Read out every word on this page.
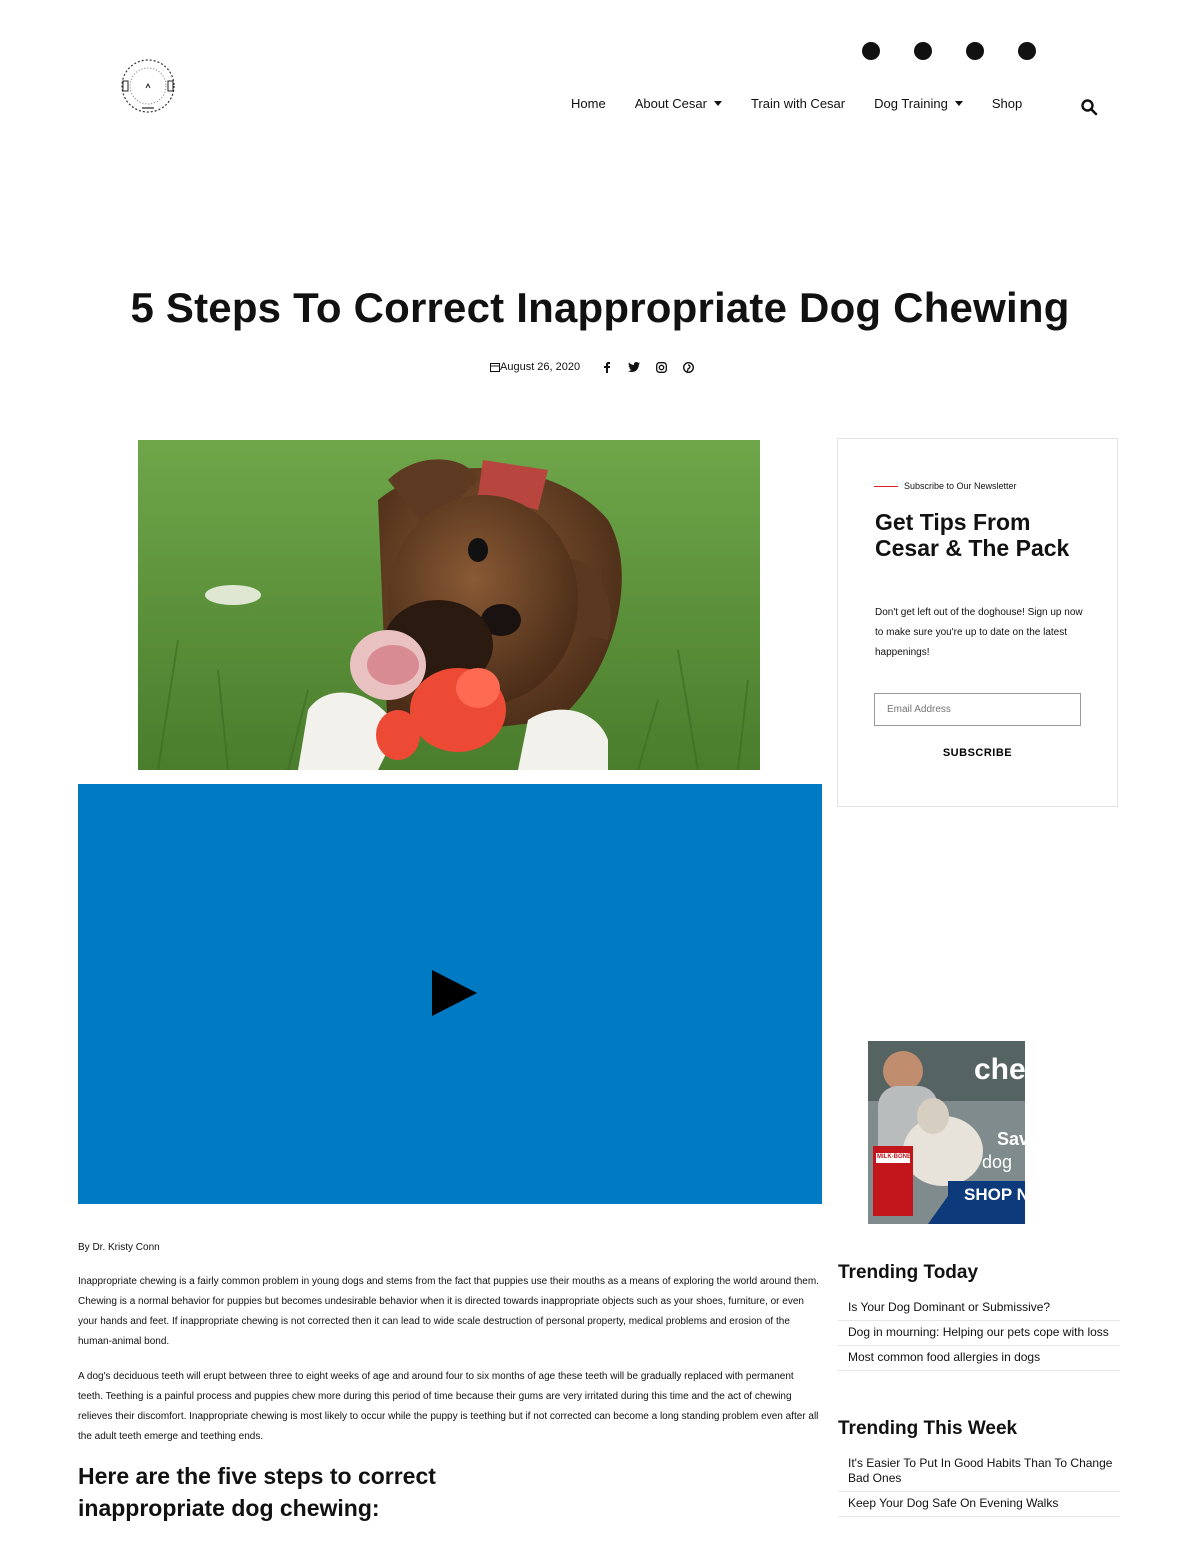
Home About Cesar	Train with Cesar Dog Training	Shop
5 Steps To Correct Inappropriate Dog Chewing
August 26, 2020
By Dr. Kristy Conn

Inappropriate chewing is a fairly common problem in young dogs and stems from the fact that puppies use their mouths as a means of exploring the world around them. Chewing is a normal behavior for puppies but becomes undesirable behavior when it is directed towards inappropriate objects such as your shoes, furniture, or even your hands and feet. If inappropriate chewing is not corrected then it can lead to wide scale destruction of personal property, medical problems and erosion of the human-animal bond.

A dog's deciduous teeth will erupt between three to eight weeks of age and around four to six months of age these teeth will be gradually replaced with permanent teeth. Teething is a painful process and puppies chew more during this period of time because their gums are very irritated during this time and the act of chewing relieves their discomfort. Inappropriate chewing is most likely to occur while the puppy is teething but if not corrected can become a long standing problem even after all the adult teeth emerge and teething ends.

Here are the five steps to correct
inappropriate dog chewing:
Subscribe to Our Newsletter
Get Tips From Cesar & The Pack
Don't get left out of the doghouse! Sign up now to make sure you're up to date on the latest happenings!
Email Address
SUBSCRIBE
che
Sav
dog
SHOP N
MILK-BONE
Trending Today
Is Your Dog Dominant or Submissive?
Dog in mourning: Helping our pets cope with loss
Most common food allergies in dogs
Trending This Week
It's Easier To Put In Good Habits Than To Change Bad Ones
Keep Your Dog Safe On Evening Walks
